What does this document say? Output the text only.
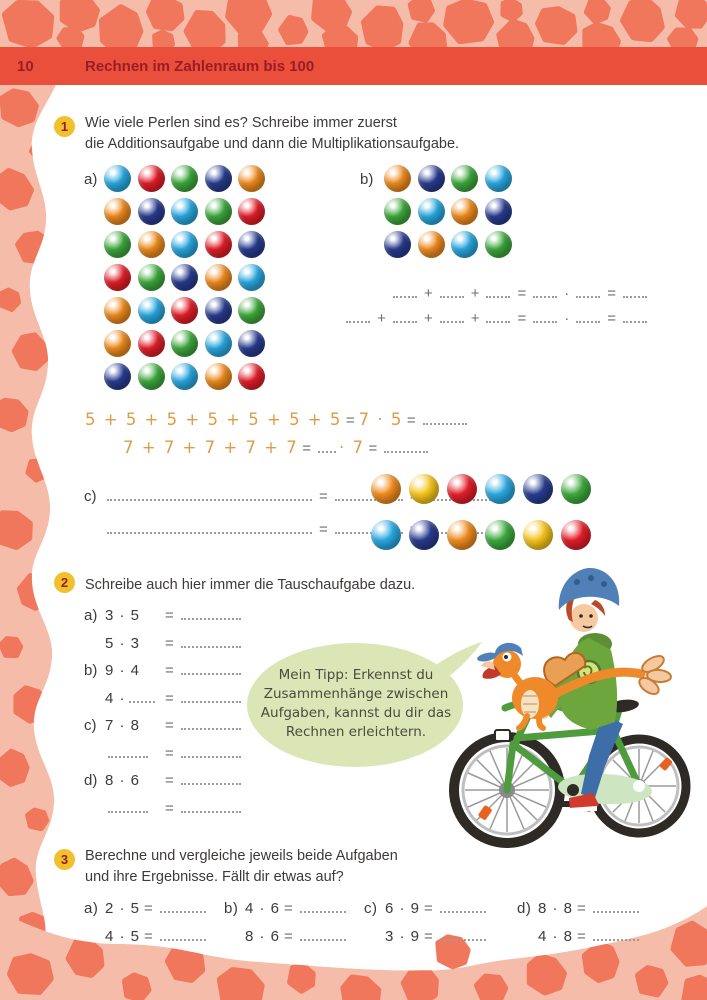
10	Rechnen im Zahlenraum bis 100
1	Wie viele Perlen sind es? Schreibe immer zuerst
die Additionsaufgabe und dann die Multiplikationsaufgabe.
a)	b)
+	+	=	·	=
+	+	+	=	·	=
5 + 5 + 5 + 5 + 5 + 5 + 5 = 7 · 5 =
7 + 7 + 7 + 7 + 7 = · 7 =
c)	=
=
2	Schreibe auch hier immer die Tauschaufgabe dazu.
a) 3 · 5 =
5 · 3 =
b) 9 · 4 =
4 ·	=
c) 7 · 8 =
=
d) 8 · 6 =
=
Mein Tipp: Erkennst du
Zusammenhänge zwischen
Aufgaben, kannst du dir das
Rechnen erleichtern.
3	Berechne und vergleiche jeweils beide Aufgaben
und ihre Ergebnisse. Fällt dir etwas auf?
a) 2 · 5 =
4 · 5 =
b) 4 · 6 =
8 · 6 =
c) 6 · 9 =
3 · 9 =
d) 8 · 8 =
4 · 8 =
